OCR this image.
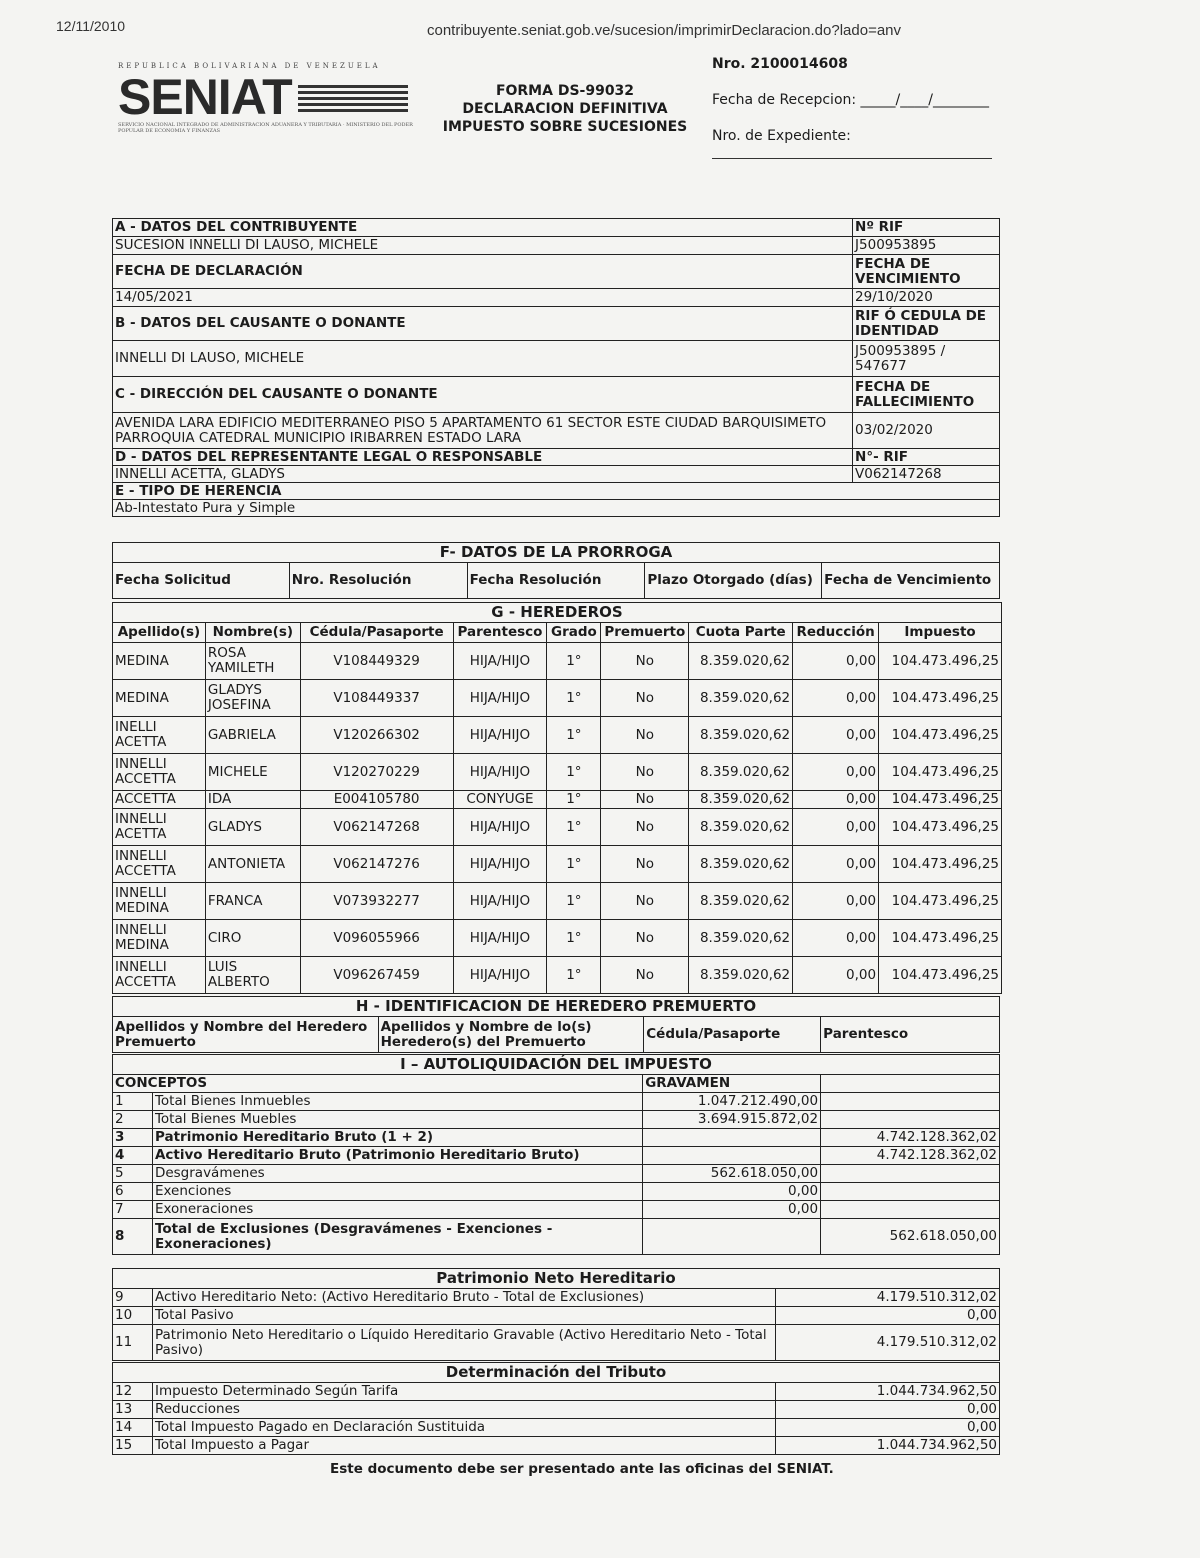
12/11/2010	contribuyente.seniat.gob.ve/sucesion/imprimirDeclaracion.do?lado=anv
REPUBLICA BOLIVARIANA DE VENEZUELA
SENIAT
SERVICIO NACIONAL INTEGRADO DE ADMINISTRACION ADUANERA Y TRIBUTARIA · MINISTERIO DEL PODER POPULAR DE ECONOMIA Y FINANZAS
FORMA DS-99032
DECLARACION DEFINITIVA
IMPUESTO SOBRE SUCESIONES
Nro. 2100014608
Fecha de Recepcion: _____/____/________
Nro. de Expediente:
A - DATOS DEL CONTRIBUYENTE	Nº RIF
SUCESION INNELLI DI LAUSO, MICHELE	J500953895
FECHA DE DECLARACIÓN	FECHA DE VENCIMIENTO
14/05/2021	29/10/2020
B - DATOS DEL CAUSANTE O DONANTE	RIF Ó CEDULA DE IDENTIDAD
INNELLI DI LAUSO, MICHELE	J500953895 / 547677
C - DIRECCIÓN DEL CAUSANTE O DONANTE	FECHA DE FALLECIMIENTO
AVENIDA LARA EDIFICIO MEDITERRANEO PISO 5 APARTAMENTO 61 SECTOR ESTE CIUDAD BARQUISIMETO PARROQUIA CATEDRAL MUNICIPIO IRIBARREN ESTADO LARA	03/02/2020
D - DATOS DEL REPRESENTANTE LEGAL O RESPONSABLE	N°- RIF
INNELLI ACETTA, GLADYS	V062147268
E - TIPO DE HERENCIA	
Ab-Intestato Pura y Simple	
F- DATOS DE LA PRORROGA
Fecha Solicitud	Nro. Resolución	Fecha Resolución	Plazo Otorgado (días)	Fecha de Vencimiento
G - HEREDEROS								
Apellido(s)	Nombre(s)	Cédula/Pasaporte	Parentesco	Grado	Premuerto	Cuota Parte	Reducción	Impuesto
MEDINA	ROSA YAMILETH	V108449329	HIJA/HIJO	1°	No	8.359.020,62	0,00	104.473.496,25
MEDINA	GLADYS JOSEFINA	V108449337	HIJA/HIJO	1°	No	8.359.020,62	0,00	104.473.496,25
INELLI ACETTA	GABRIELA	V120266302	HIJA/HIJO	1°	No	8.359.020,62	0,00	104.473.496,25
INNELLI ACCETTA	MICHELE	V120270229	HIJA/HIJO	1°	No	8.359.020,62	0,00	104.473.496,25
ACCETTA	IDA	E004105780	CONYUGE	1°	No	8.359.020,62	0,00	104.473.496,25
INNELLI ACETTA	GLADYS	V062147268	HIJA/HIJO	1°	No	8.359.020,62	0,00	104.473.496,25
INNELLI ACCETTA	ANTONIETA	V062147276	HIJA/HIJO	1°	No	8.359.020,62	0,00	104.473.496,25
INNELLI MEDINA	FRANCA	V073932277	HIJA/HIJO	1°	No	8.359.020,62	0,00	104.473.496,25
INNELLI MEDINA	CIRO	V096055966	HIJA/HIJO	1°	No	8.359.020,62	0,00	104.473.496,25
INNELLI ACCETTA	LUIS ALBERTO	V096267459	HIJA/HIJO	1°	No	8.359.020,62	0,00	104.473.496,25
H - IDENTIFICACION DE HEREDERO PREMUERTO
Apellidos y Nombre del Heredero Premuerto	Apellidos y Nombre de lo(s) Heredero(s) del Premuerto	Cédula/Pasaporte	Parentesco
I – AUTOLIQUIDACIÓN DEL IMPUESTO			
CONCEPTOS		GRAVAMEN	
1	Total Bienes Inmuebles	1.047.212.490,00	
2	Total Bienes Muebles	3.694.915.872,02	
3	Patrimonio Hereditario Bruto (1 + 2)		4.742.128.362,02
4	Activo Hereditario Bruto (Patrimonio Hereditario Bruto)		4.742.128.362,02
5	Desgravámenes	562.618.050,00	
6	Exenciones	0,00	
7	Exoneraciones	0,00	
8	Total de Exclusiones (Desgravámenes - Exenciones - Exoneraciones)		562.618.050,00
Patrimonio Neto Hereditario		
9	Activo Hereditario Neto: (Activo Hereditario Bruto - Total de Exclusiones)	4.179.510.312,02
10	Total Pasivo	0,00
11	Patrimonio Neto Hereditario o Líquido Hereditario Gravable (Activo Hereditario Neto - Total Pasivo)	4.179.510.312,02
Determinación del Tributo		
12	Impuesto Determinado Según Tarifa	1.044.734.962,50
13	Reducciones	0,00
14	Total Impuesto Pagado en Declaración Sustituida	0,00
15	Total Impuesto a Pagar	1.044.734.962,50
Este documento debe ser presentado ante las oficinas del SENIAT.
